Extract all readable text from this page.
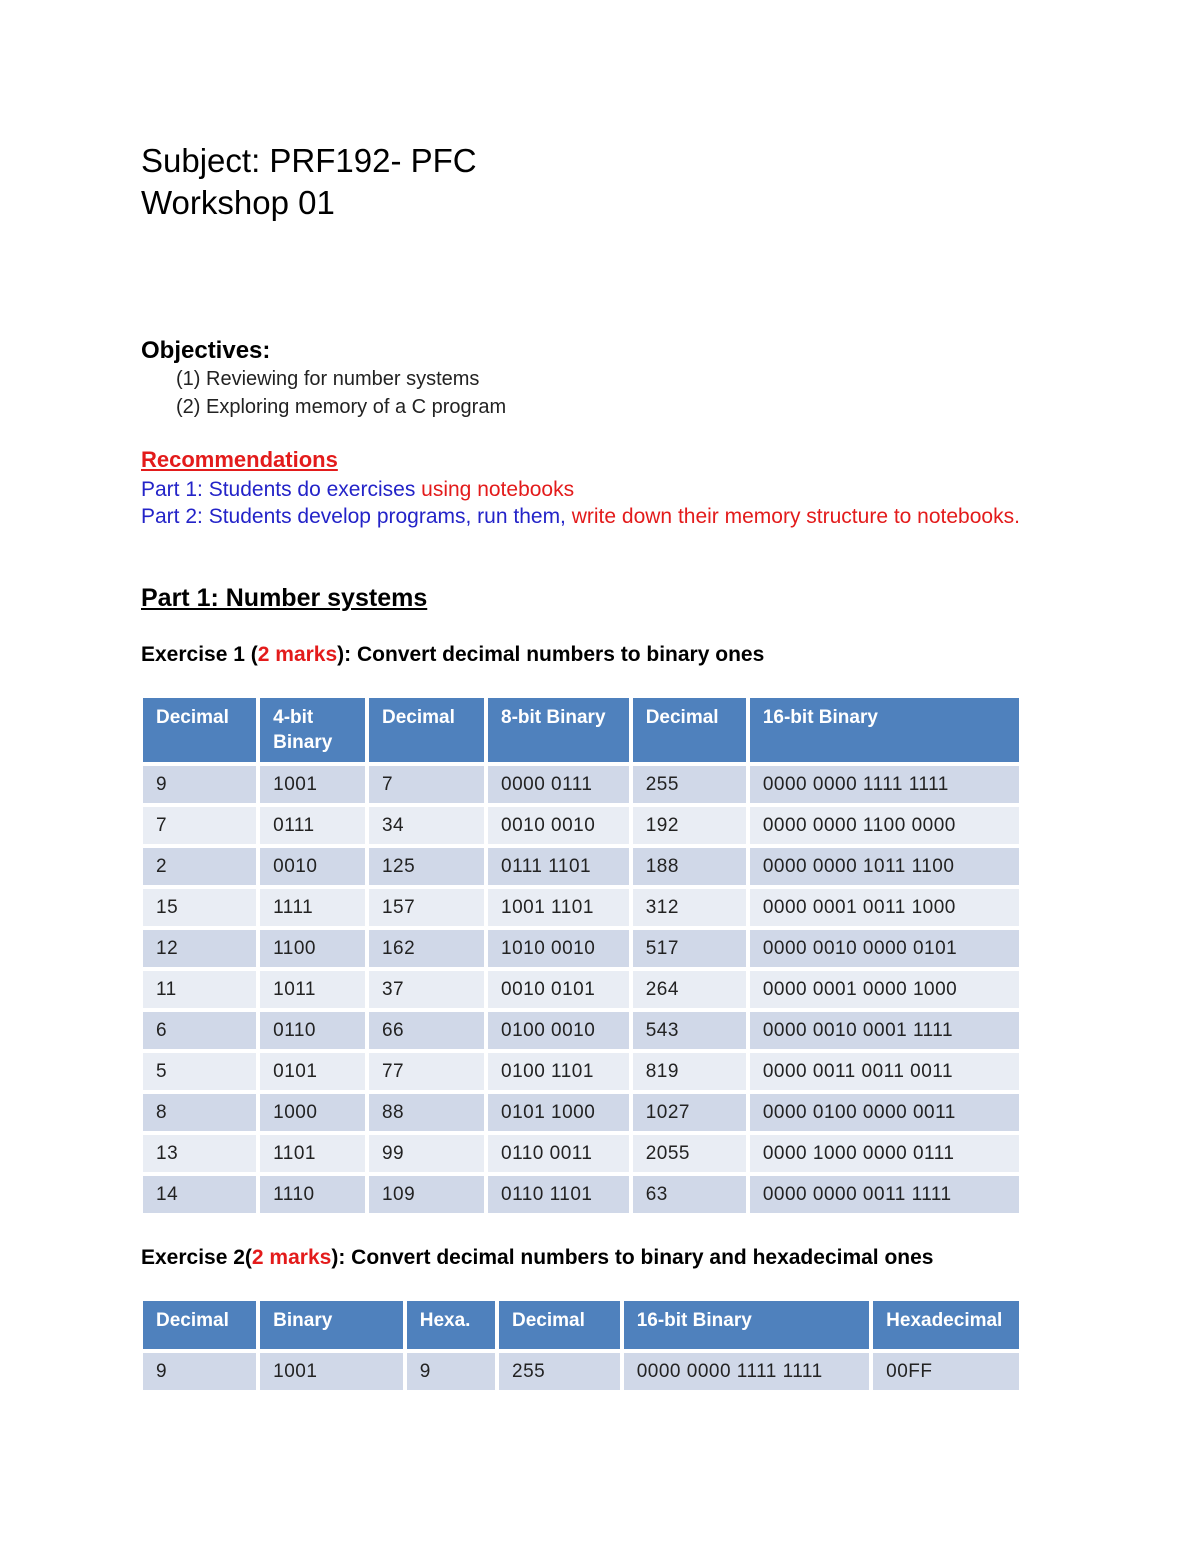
Subject: PRF192- PFC
Workshop 01
Objectives:
(1) Reviewing for number systems
(2) Exploring memory of a C program
Recommendations
Part 1: Students do exercises using notebooks
Part 2: Students develop programs, run them, write down their memory structure to notebooks.
Part 1: Number systems
Exercise 1 (2 marks): Convert decimal numbers to binary ones
Decimal	4-bit Binary	Decimal	8-bit Binary	Decimal	16-bit Binary
9	1001	7	0000 0111	255	0000 0000 1111 1111
7	0111	34	0010 0010	192	0000 0000 1100 0000
2	0010	125	0111 1101	188	0000 0000 1011 1100
15	1111	157	1001 1101	312	0000 0001 0011 1000
12	1100	162	1010 0010	517	0000 0010 0000 0101
11	1011	37	0010 0101	264	0000 0001 0000 1000
6	0110	66	0100 0010	543	0000 0010 0001 1111
5	0101	77	0100 1101	819	0000 0011 0011 0011
8	1000	88	0101 1000	1027	0000 0100 0000 0011
13	1101	99	0110 0011	2055	0000 1000 0000 0111
14	1110	109	0110 1101	63	0000 0000 0011 1111
Exercise 2(2 marks): Convert decimal numbers to binary and hexadecimal ones
Decimal	Binary	Hexa.	Decimal	16-bit Binary	Hexadecimal
9	1001	9	255	0000 0000 1111 1111	00FF
